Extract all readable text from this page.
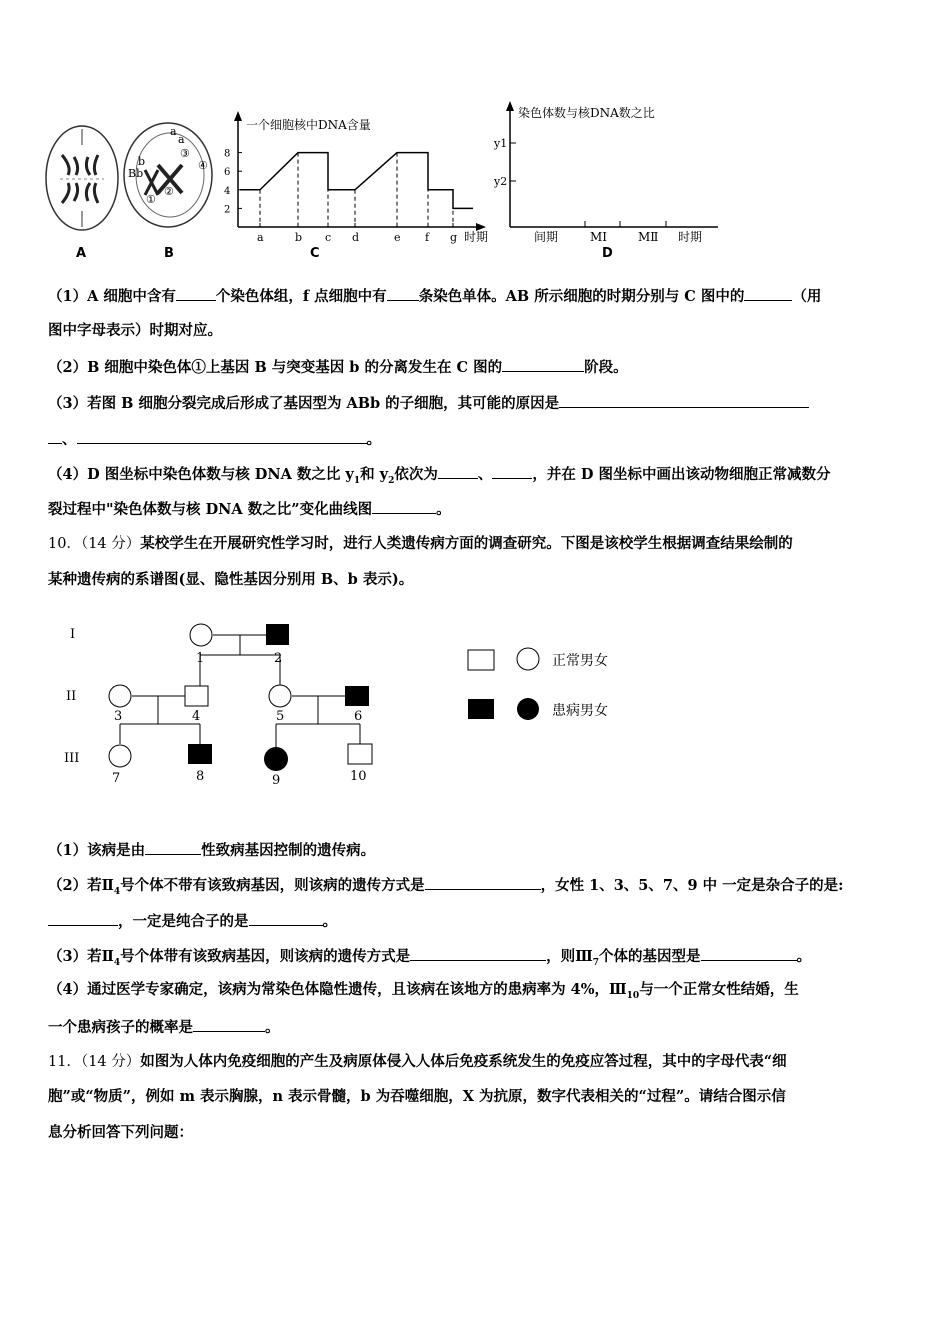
a
a
Bb
b
①
②
③
④
一个细胞核中DNA含量
时期
2
4
6
8
a	b c d	e f g
染色体数与核DNA数之比
y1
y2
间期	MⅠ	MⅡ 时期
A	B	C	D
（1）A 细胞中含有	个染色体组，f 点细胞中有 条染色单体。AB 所示细胞的时期分别与 C 图中的	（用
图中字母表示）时期对应。
（2）B 细胞中染色体①上基因 B 与突变基因 b 的分离发生在 C 图的	阶段。
（3）若图 B 细胞分裂完成后形成了基因型为 ABb 的子细胞，其可能的原因是
、	。
（4）D 图坐标中染色体数与核 DNA 数之比 $y_1$和 $y_2$依次为	、	，并在 D 图坐标中画出该动物细胞正常减数分
裂过程中"染色体数与核 DNA 数之比”变化曲线图	。
10．（14 分）某校学生在开展研究性学习时，进行人类遗传病方面的调查研究。下图是该校学生根据调查结果绘制的
某种遗传病的系谱图(显、隐性基因分别用 B、b 表示)。
I
II
III
1	2
3	4	5	6
7	8	9	10
正常男女
患病男女
（1）该病是由	性致病基因控制的遗传病。
（2）若$Ⅱ_4$号个体不带有该致病基因，则该病的遗传方式是	，女性 1、3、5、7、9 中 一定是杂合子的是:
，一定是纯合子的是	。
（3）若$Ⅱ_4$号个体带有该致病基因，则该病的遗传方式是	，则$Ⅲ_7$个体的基因型是	。
（4）通过医学专家确定，该病为常染色体隐性遗传，且该病在该地方的患病率为 4%，$Ⅲ_{10}$与一个正常女性结婚，生
一个患病孩子的概率是	。
11．（14 分）如图为人体内免疫细胞的产生及病原体侵入人体后免疫系统发生的免疫应答过程，其中的字母代表“细
胞”或“物质”，例如 m 表示胸腺，n 表示骨髓，b 为吞噬细胞，X 为抗原，数字代表相关的“过程”。请结合图示信
息分析回答下列问题：
